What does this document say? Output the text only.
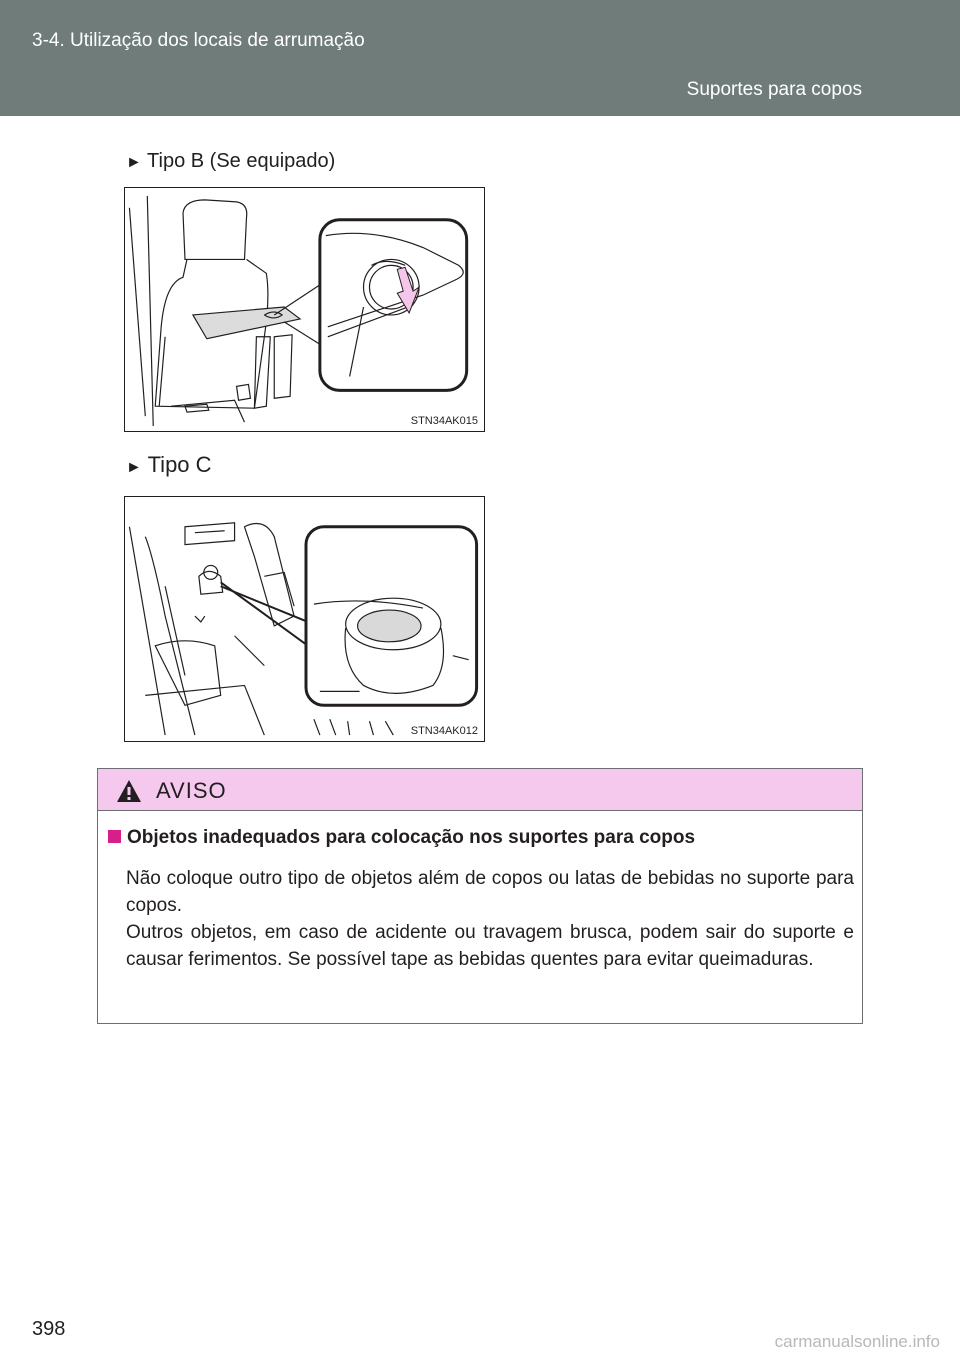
3-4. Utilização dos locais de arrumação
Suportes para copos
► Tipo B (Se equipado)
STN34AK015
► Tipo C
STN34AK012
AVISO
Objetos inadequados para colocação nos suportes para copos

Não coloque outro tipo de objetos além de copos ou latas de bebidas no suporte para copos.

Outros objetos, em caso de acidente ou travagem brusca, podem sair do suporte e causar ferimentos. Se possível tape as bebidas quentes para evitar queimaduras.

398
carmanualsonline.info
